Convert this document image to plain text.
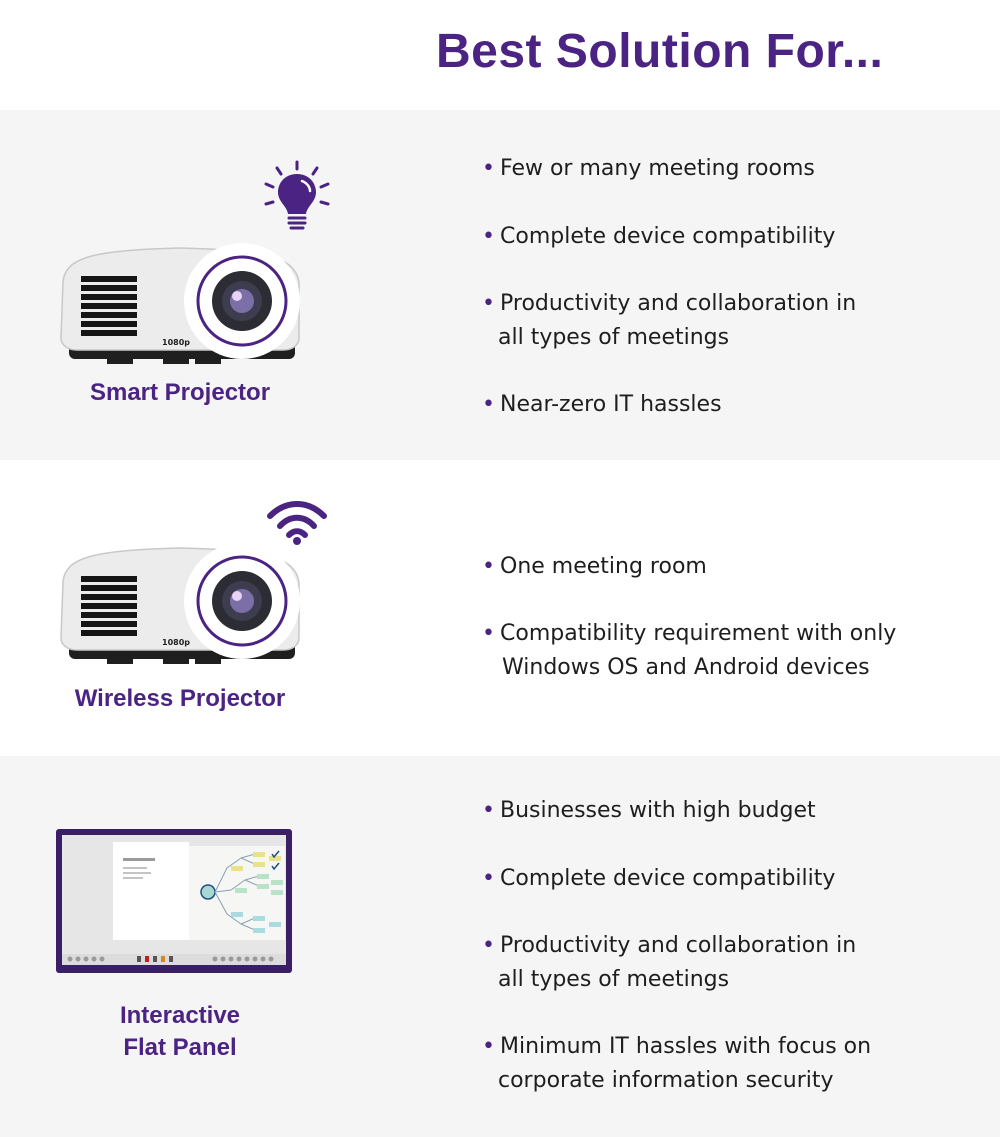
Best Solution For...
1080p
Smart Projector
• Few or many meeting rooms
• Complete device compatibility
• Productivity and collaboration in
all types of meetings
• Near-zero IT hassles
1080p
Wireless Projector
• One meeting room
• Compatibility requirement with only
Windows OS and Android devices
Interactive
Flat Panel
• Businesses with high budget
• Complete device compatibility
• Productivity and collaboration in
all types of meetings
• Minimum IT hassles with focus on
corporate information security
